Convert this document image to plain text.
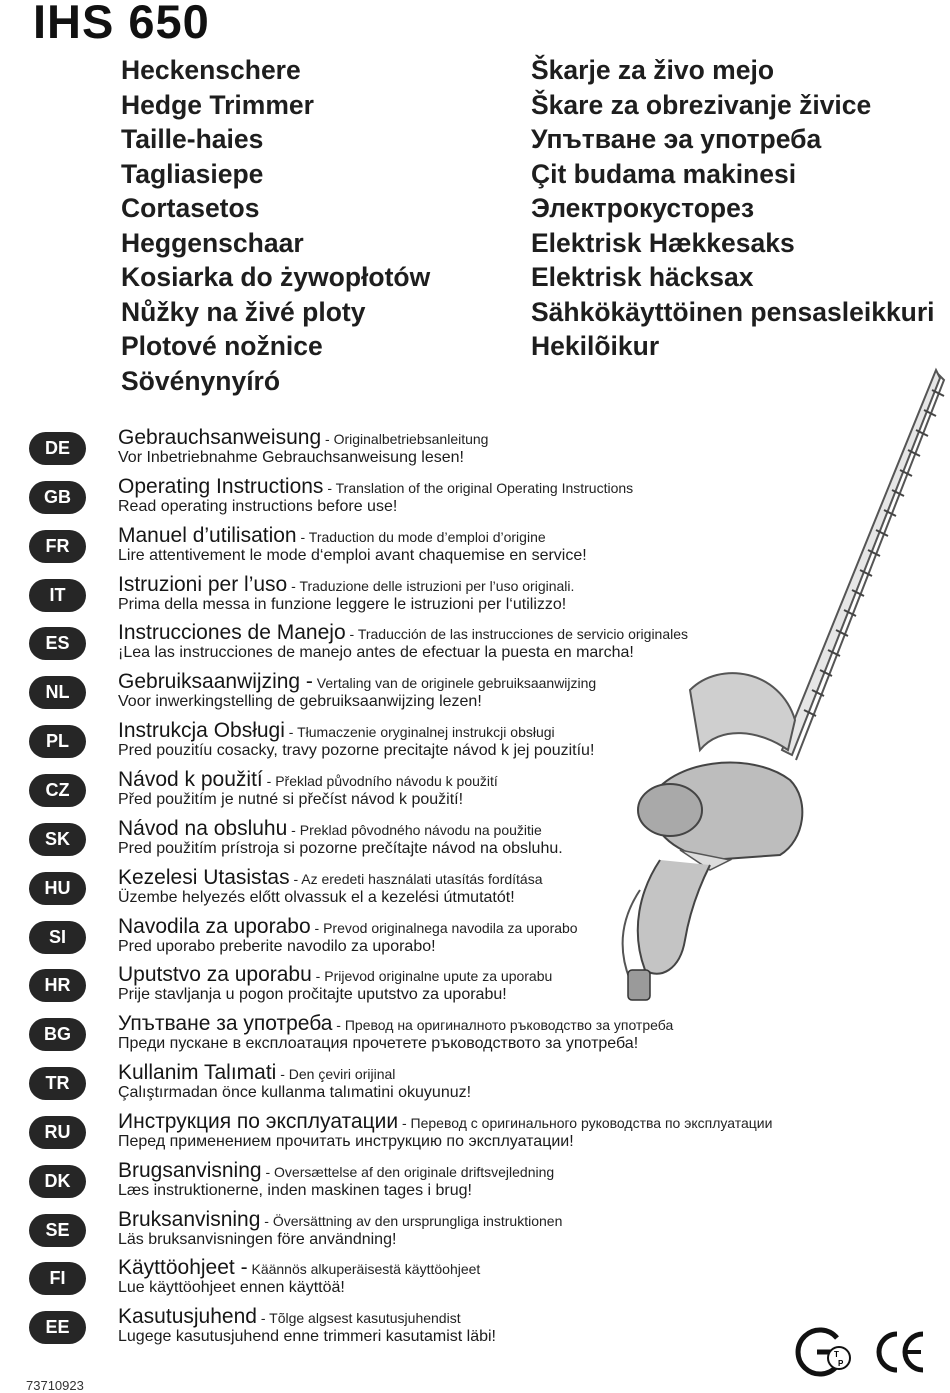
IHS 650
Heckenschere
Hedge Trimmer
Taille-haies
Tagliasiepe
Cortasetos
Heggenschaar
Kosiarka do żywopłotów
Nůžky na živé ploty
Plotové nožnice
Sövénynyíró
Škarje za živo mejo
Škare za obrezivanje živice
Упътване эа употреба
Çit budama makinesi
Электрокусторез
Elektrisk Hækkesaks
Elektrisk häcksax
Sähkökäyttöinen pensasleikkuri
Hekilõikur
DE	Gebrauchsanweisung - Originalbetriebsanleitung
Vor Inbetriebnahme Gebrauchsanweisung lesen!
GB	Operating Instructions - Translation of the original Operating Instructions
Read operating instructions before use!
FR	Manuel d’utilisation - Traduction du mode d’emploi d’origine
Lire attentivement le mode d‘emploi avant chaquemise en service!
IT	Istruzioni per l’uso - Traduzione delle istruzioni per l’uso originali.
Prima della messa in funzione leggere le istruzioni per l‘utilizzo!
ES	Instrucciones de Manejo - Traducción de las instrucciones de servicio originales
¡Lea las instrucciones de manejo antes de efectuar la puesta en marcha!
NL	Gebruiksaanwijzing - Vertaling van de originele gebruiksaanwijzing
Voor inwerkingstelling de gebruiksaanwijzing lezen!
PL	Instrukcja Obsługi - Tłumaczenie oryginalnej instrukcji obsługi
Pred pouzitíu cosacky, travy pozorne precitajte návod k jej pouzitíu!
CZ	Návod k použití - Překlad původního návodu k použití
Před použitím je nutné si přečíst návod k použití!
SK	Návod na obsluhu - Preklad pôvodného návodu na použitie
Pred použitím prístroja si pozorne prečítajte návod na obsluhu.
HU	Kezelesi Utasistas - Az eredeti használati utasítás fordítása
Üzembe helyezés előtt olvassuk el a kezelési útmutatót!
SI	Navodila za uporabo - Prevod originalnega navodila za uporabo
Pred uporabo preberite navodilo za uporabo!
HR	Uputstvo za uporabu - Prijevod originalne upute za uporabu
Prije stavljanja u pogon pročitajte uputstvo za uporabu!
BG	Упътване за употреба - Превод на оригиналното ръководство за употреба
Преди пускане в експлоатация прочетете ръководството за употреба!
TR	Kullanim Talımati - Den çeviri orijinal
Çalıştırmadan önce kullanma talımatini okuyunuz!
RU	Инструкция по эксплуатации - Перевод с оригинального руководства по эксплуатации
Перед применением прочитать инструкцию по эксплуатации!
DK	Brugsanvisning - Oversættelse af den originale driftsvejledning
Læs instruktionerne, inden maskinen tages i brug!
SE	Bruksanvisning - Översättning av den ursprungliga instruktionen
Läs bruksanvisningen före användning!
FI	Käyttöohjeet - Käännös alkuperäisestä käyttöohjeet
Lue käyttöohjeet ennen käyttöä!
EE	Kasutusjuhend - Tõlge algsest kasutusjuhendist
Lugege kasutusjuhend enne trimmeri kasutamist läbi!
73710923
T
P
